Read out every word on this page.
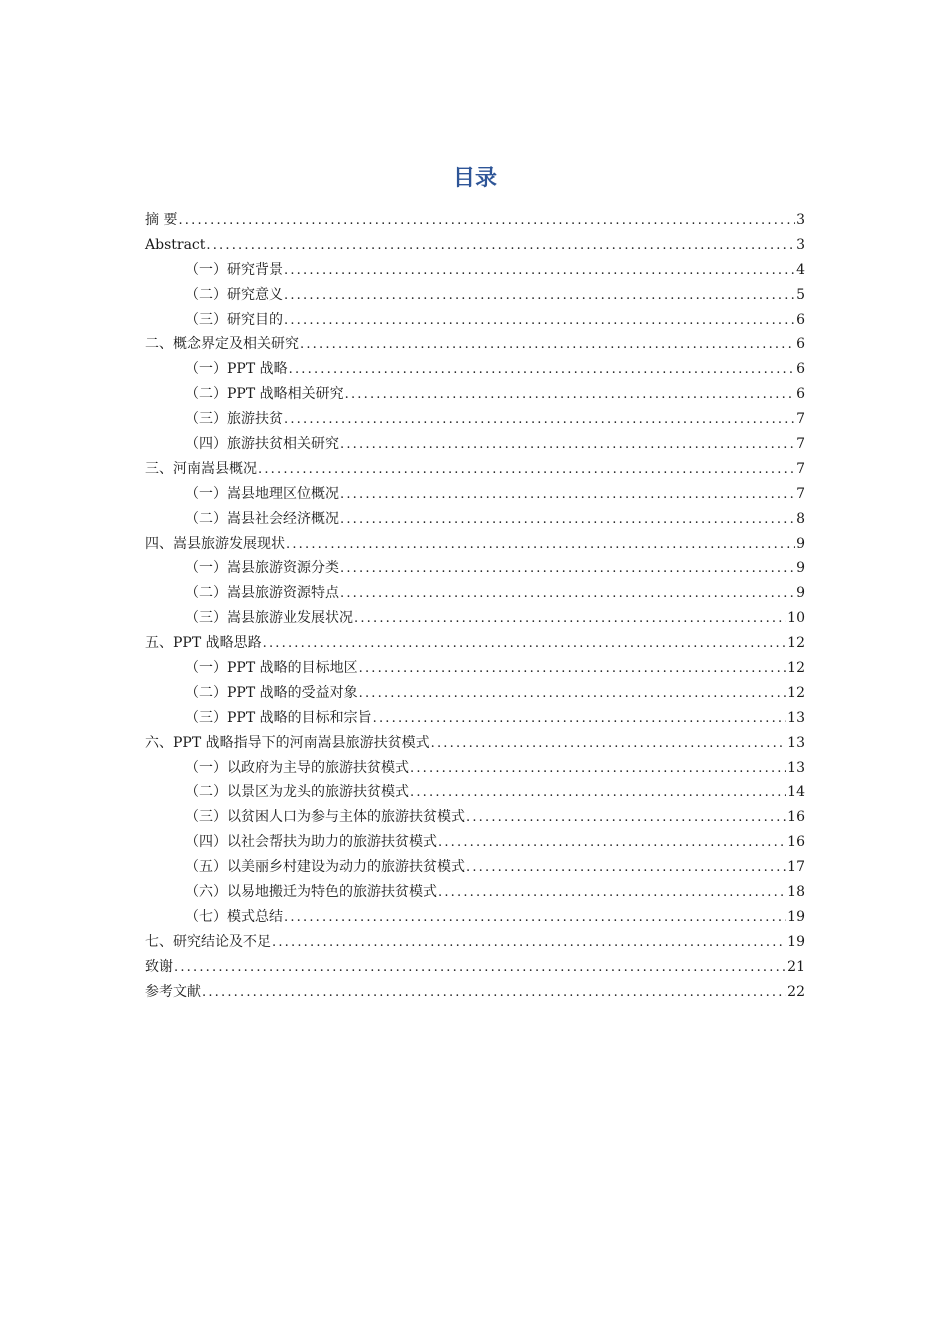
目录
摘 要 .....	3
Abstract .....	3
（一）研究背景 .....	4
（二）研究意义 .....	5
（三）研究目的 .....	6
二、概念界定及相关研究 .....	6
（一）PPT 战略 .....	6
（二）PPT 战略相关研究 .....	6
（三）旅游扶贫 .....	7
（四）旅游扶贫相关研究 .....	7
三、河南嵩县概况 .....	7
（一）嵩县地理区位概况 .....	7
（二）嵩县社会经济概况 .....	8
四、嵩县旅游发展现状 .....	9
（一）嵩县旅游资源分类 .....	9
（二）嵩县旅游资源特点 .....	9
（三）嵩县旅游业发展状况 .....	10
五、PPT 战略思路 .....	12
（一）PPT 战略的目标地区 .....	12
（二）PPT 战略的受益对象 .....	12
（三）PPT 战略的目标和宗旨 .....	13
六、PPT 战略指导下的河南嵩县旅游扶贫模式 .....	13
（一）以政府为主导的旅游扶贫模式 .....	13
（二）以景区为龙头的旅游扶贫模式 .....	14
（三）以贫困人口为参与主体的旅游扶贫模式 .....	16
（四）以社会帮扶为助力的旅游扶贫模式 .....	16
（五）以美丽乡村建设为动力的旅游扶贫模式 .....	17
（六）以易地搬迁为特色的旅游扶贫模式 .....	18
（七）模式总结 .....	19
七、研究结论及不足 .....	19
致谢 .....	21
参考文献 .....	22
